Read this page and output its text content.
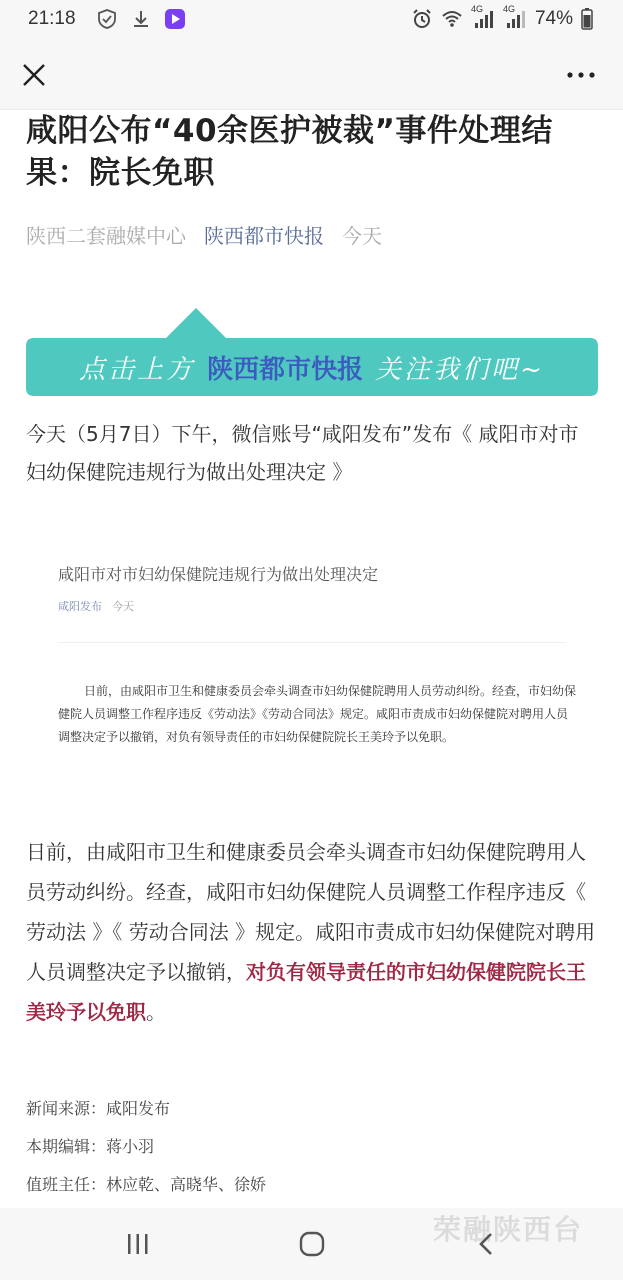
21:18	4G 4G 74%
咸阳公布“40余医护被裁”事件处理结果：院长免职
陕西二套融媒中心 陕西都市快报 今天
点击上方 陕西都市快报 关注我们吧~

今天（5月7日）下午，微信账号“咸阳发布”发布《 咸阳市对市妇幼保健院违规行为做出处理决定 》

咸阳市对市妇幼保健院违规行为做出处理决定
咸阳发布 今天

日前，由咸阳市卫生和健康委员会牵头调查市妇幼保健院聘用人员劳动纠纷。经查，市妇幼保健院人员调整工作程序违反《劳动法》《劳动合同法》规定。咸阳市责成市妇幼保健院对聘用人员调整决定予以撤销，对负有领导责任的市妇幼保健院院长王美玲予以免职。

日前，由咸阳市卫生和健康委员会牵头调查市妇幼保健院聘用人员劳动纠纷。经查，咸阳市妇幼保健院人员调整工作程序违反《 劳动法 》《 劳动合同法 》规定。咸阳市责成市妇幼保健院对聘用人员调整决定予以撤销，对负有领导责任的市妇幼保健院院长王美玲予以免职。

新闻来源：咸阳发布
本期编辑：蒋小羽
值班主任：林应乾、高晓华、徐娇
荣融陕西台
